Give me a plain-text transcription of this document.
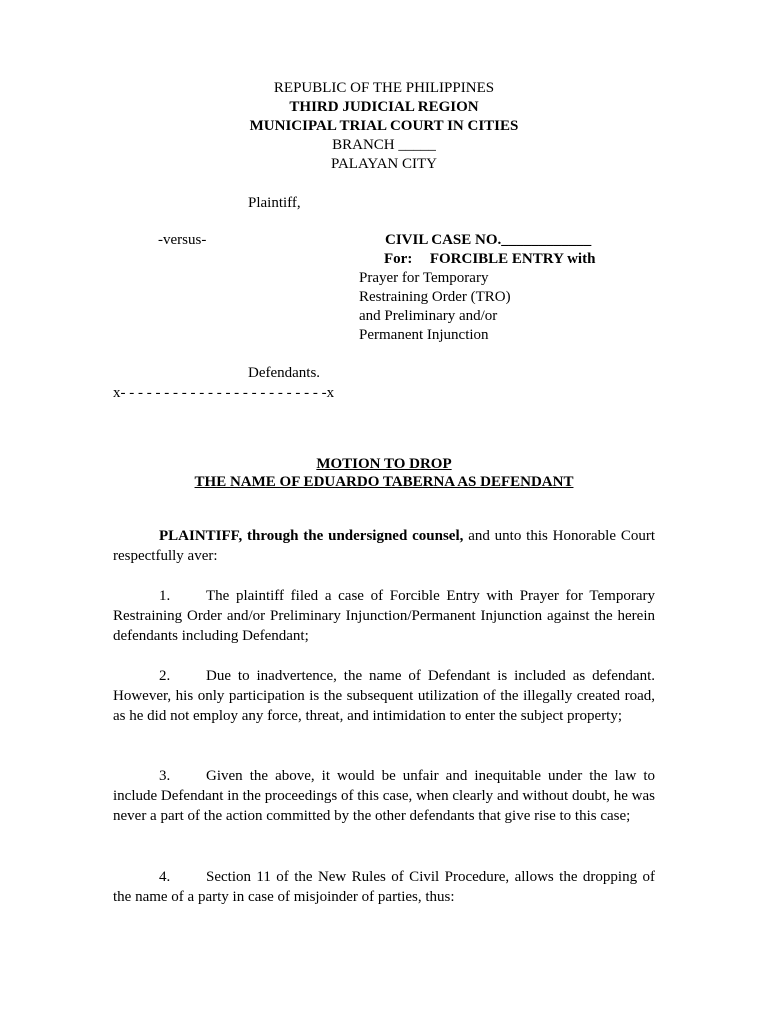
REPUBLIC OF THE PHILIPPINES
THIRD JUDICIAL REGION
MUNICIPAL TRIAL COURT IN CITIES
BRANCH _____
PALAYAN CITY
Plaintiff,
-versus-	CIVIL CASE NO.____________
For: FORCIBLE ENTRY with
Prayer for Temporary
Restraining Order (TRO)
and Preliminary and/or
Permanent Injunction
Defendants.
x- - - - - - - - - - - - - - - - - - - - - - - -x
MOTION TO DROP
THE NAME OF EDUARDO TABERNA AS DEFENDANT
PLAINTIFF, through the undersigned counsel, and unto this Honorable Court respectfully aver:
1. The plaintiff filed a case of Forcible Entry with Prayer for Temporary Restraining Order and/or Preliminary Injunction/Permanent Injunction against the herein defendants including Defendant;
2. Due to inadvertence, the name of Defendant is included as defendant. However, his only participation is the subsequent utilization of the illegally created road, as he did not employ any force, threat, and intimidation to enter the subject property;
3. Given the above, it would be unfair and inequitable under the law to include Defendant in the proceedings of this case, when clearly and without doubt, he was never a part of the action committed by the other defendants that give rise to this case;
4. Section 11 of the New Rules of Civil Procedure, allows the dropping of the name of a party in case of misjoinder of parties, thus:
